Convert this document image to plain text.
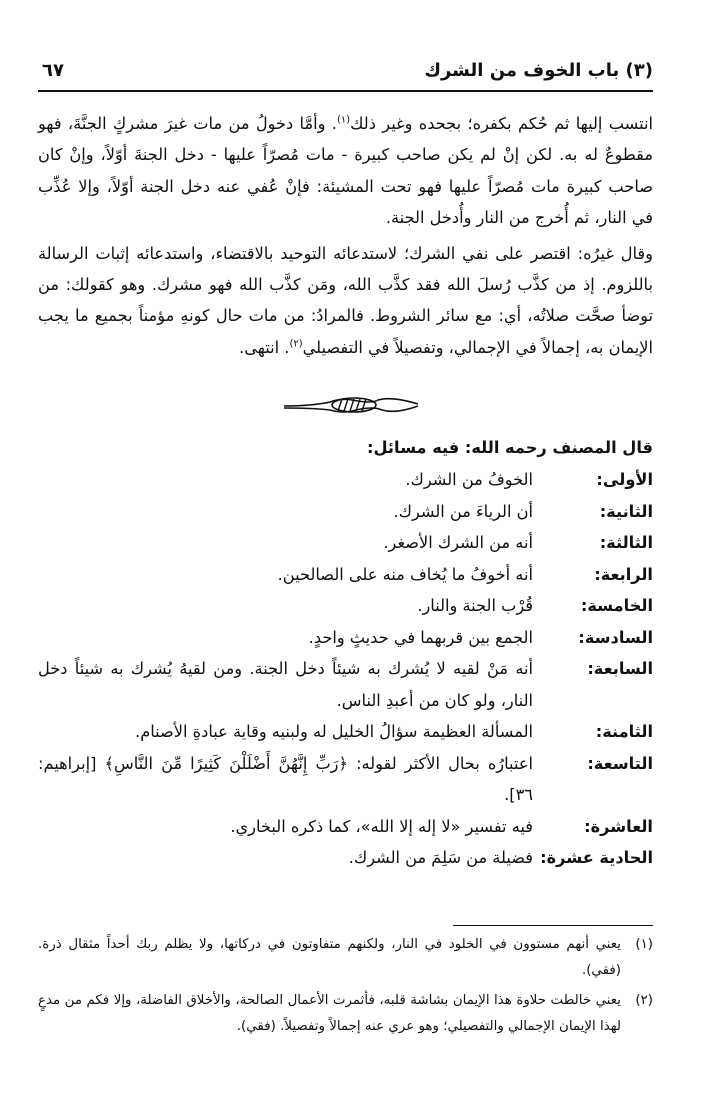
(٣) باب الخوف من الشرك
٦٧

انتسب إليها ثم حُكم بكفره؛ بجحده وغير ذلك$^{(١)}$. وأمَّا دخولُ من مات غيرَ مشركٍ الجنَّةَ، فهو مقطوعٌ له به. لكن إنْ لم يكن صاحب كبيرة - مات مُصرّاً عليها - دخل الجنةَ أوّلاً، وإنْ كان صاحب كبيرة مات مُصرّاً عليها فهو تحت المشيئة: فإنْ عُفي عنه دخل الجنة أوّلاً، وإلا عُذِّب في النار، ثم أُخرج من النار وأُدخل الجنة.

وقال غيرُه: اقتصر على نفي الشرك؛ لاستدعائه التوحيد بالاقتضاء، واستدعائه إثبات الرسالة باللزوم. إذ من كذَّب رُسلَ الله فقد كذَّب الله، ومَن كذَّب الله فهو مشرك. وهو كقولك: من توضأ صحَّت صلاتُه، أي: مع سائر الشروط. فالمرادُ: من مات حال كونهِ مؤمناً بجميع ما يجب الإيمان به، إجمالاً في الإجمالي، وتفصيلاً في التفصيلي$^{(٢)}$. انتهى.

قال المصنف رحمه الله: فيه مسائل:
الأولى:
الخوفُ من الشرك.
الثانية:
أن الرياءَ من الشرك.
الثالثة:
أنه من الشرك الأصغر.
الرابعة:
أنه أخوفُ ما يُخاف منه على الصالحين.
الخامسة:
قُرْب الجنة والنار.
السادسة:
الجمع بين قربهما في حديثٍ واحدٍ.
السابعة:
أنه مَنْ لقيه لا يُشرك به شيئاً دخل الجنة. ومن لقيهُ يُشرك به شيئاً دخل النار، ولو كان من أعبدِ الناس.
الثامنة:
المسألة العظيمة سؤالُ الخليل له ولبنيه وقاية عبادةِ الأصنام.
التاسعة:
اعتبارُه بحال الأكثر لقوله: ﴿رَبِّ إِنَّهُنَّ أَضْلَلْنَ كَثِيرًا مِّنَ النَّاسِ﴾ [إبراهيم: ٣٦].
العاشرة:
فيه تفسير «لا إله إلا الله»، كما ذكره البخاري.
الحادية عشرة:
فضيلة من سَلِمَ من الشرك.
(١)
يعني أنهم مستوون في الخلود في النار، ولكنهم متفاوتون في دركاتها، ولا يظلم ربك أحداً مثقال ذرة. (فقي).
(٢)
يعني خالطت حلاوة هذا الإيمان بشاشة قلبه، فأثمرت الأعمال الصالحة، والأخلاق الفاضلة، وإلا فكم من مدعٍ لهذا الإيمان الإجمالي والتفصيلي؛ وهو عري عنه إجمالاً وتفصيلاً. (فقي).
